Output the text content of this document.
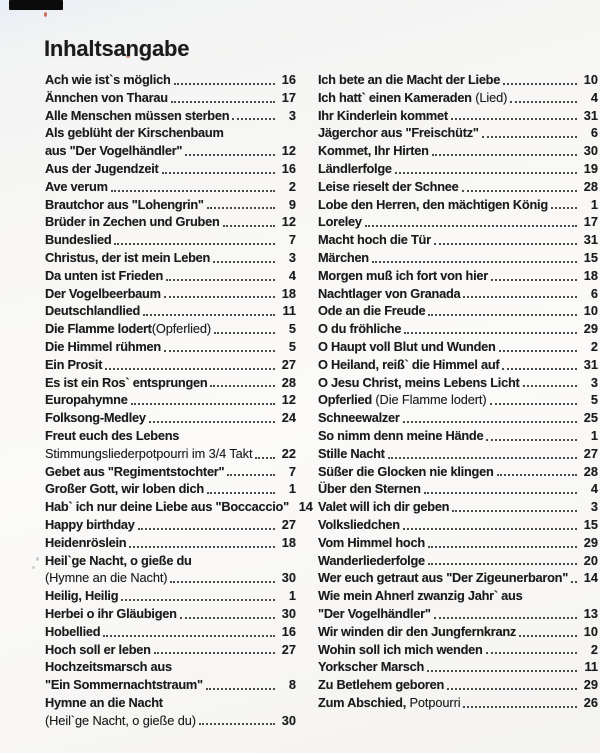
Inhaltsangabe
Ach wie ist`s möglich	16
Ännchen von Tharau	17
Alle Menschen müssen sterben	3
Als geblüht der Kirschenbaum
aus "Der Vogelhändler"	12
Aus der Jugendzeit	16
Ave verum	2
Brautchor aus "Lohengrin"	9
Brüder in Zechen und Gruben	12
Bundeslied	7
Christus, der ist mein Leben	3
Da unten ist Frieden	4
Der Vogelbeerbaum	18
Deutschlandlied	11
Die Flamme lodert(Opferlied)	5
Die Himmel rühmen	5
Ein Prosit	27
Es ist ein Ros` entsprungen	28
Europahymne	12
Folksong-Medley	24
Freut euch des Lebens
Stimmungsliederpotpourri im 3/4 Takt 22
Gebet aus "Regimentstochter"	7
Großer Gott, wir loben dich	1
Hab` ich nur deine Liebe aus "Boccaccio" 14
Happy birthday	27
Heidenröslein	18
Heil`ge Nacht, o gieße du
(Hymne an die Nacht)	30
Heilig, Heilig	1
Herbei o ihr Gläubigen	30
Hobellied	16
Hoch soll er leben	27
Hochzeitsmarsch aus
"Ein Sommernachtstraum"	8
Hymne an die Nacht
(Heil`ge Nacht, o gieße du)	30
Ich bete an die Macht der Liebe	10
Ich hatt` einen Kameraden (Lied)	4
Ihr Kinderlein kommet	31
Jägerchor aus "Freischütz"	6
Kommet, Ihr Hirten	30
Ländlerfolge	19
Leise rieselt der Schnee	28
Lobe den Herren, den mächtigen König	1
Loreley	17
Macht hoch die Tür	31
Märchen	15
Morgen muß ich fort von hier	18
Nachtlager von Granada	6
Ode an die Freude	10
O du fröhliche	29
O Haupt voll Blut und Wunden	2
O Heiland, reiß` die Himmel auf	31
O Jesu Christ, meins Lebens Licht	3
Opferlied (Die Flamme lodert)	5
Schneewalzer	25
So nimm denn meine Hände	1
Stille Nacht	27
Süßer die Glocken nie klingen	28
Über den Sternen	4
Valet will ich dir geben	3
Volksliedchen	15
Vom Himmel hoch	29
Wanderliederfolge	20
Wer euch getraut aus "Der Zigeunerbaron" 14
Wie mein Ahnerl zwanzig Jahr` aus
"Der Vogelhändler"	13
Wir winden dir den Jungfernkranz	10
Wohin soll ich mich wenden	2
Yorkscher Marsch	11
Zu Betlehem geboren	29
Zum Abschied, Potpourri	26
